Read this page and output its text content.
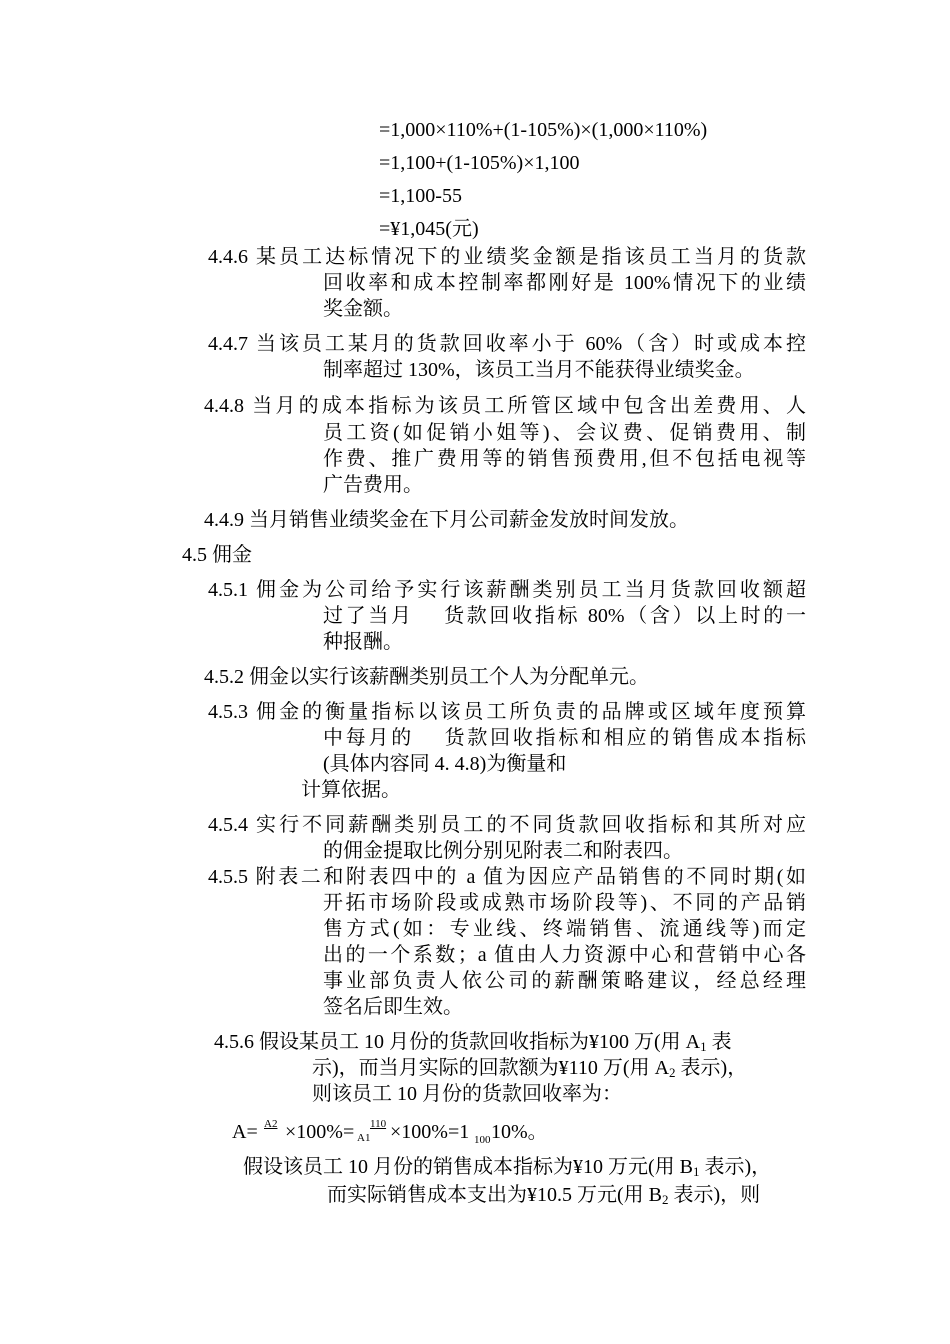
=1,000×110%+(1-105%)×(1,000×110%)
=1,100+(1-105%)×1,100
=1,100-55
=¥1,045(元)
4.4.6 某员工达标情况下的业绩奖金额是指该员工当月的货款
回收率和成本控制率都刚好是 100%情况下的业绩
奖金额。
4.4.7 当该员工某月的货款回收率小于 60%（含）时或成本控
制率超过 130%，该员工当月不能获得业绩奖金。
4.4.8 当月的成本指标为该员工所管区域中包含出差费用、人
员工资(如促销小姐等)、会议费、促销费用、制
作费、推广费用等的销售预费用,但不包括电视等
广告费用。
4.4.9 当月销售业绩奖金在下月公司薪金发放时间发放。
4.5 佣金
4.5.1 佣金为公司给予实行该薪酬类别员工当月货款回收额超
过了当月　 货款回收指标 80%（含）以上时的一
种报酬。
4.5.2 佣金以实行该薪酬类别员工个人为分配单元。
4.5.3 佣金的衡量指标以该员工所负责的品牌或区域年度预算
中每月的　 货款回收指标和相应的销售成本指标
(具体内容同 4. 4.8)为衡量和
计算依据。
4.5.4 实行不同薪酬类别员工的不同货款回收指标和其所对应
的佣金提取比例分别见附表二和附表四。
4.5.5 附表二和附表四中的 a 值为因应产品销售的不同时期(如
开拓市场阶段或成熟市场阶段等)、不同的产品销
售方式(如：专业线、终端销售、流通线等)而定
出的一个系数；a 值由人力资源中心和营销中心各
事业部负责人依公司的薪酬策略建议，经总经理
签名后即生效。
4.5.6 假设某员工 10 月份的货款回收指标为¥100 万(用 $A_1$ 表
示)，而当月实际的回款额为¥110 万(用 $A_2$ 表示)，
则该员工 10 月份的货款回收率为：
A= A2 ×100%= A1
110 ×100%=1 100 10%。
假设该员工 10 月份的销售成本指标为¥10 万元(用 $B_1$ 表示)，
而实际销售成本支出为¥10.5 万元(用 $B_2$ 表示)，则
